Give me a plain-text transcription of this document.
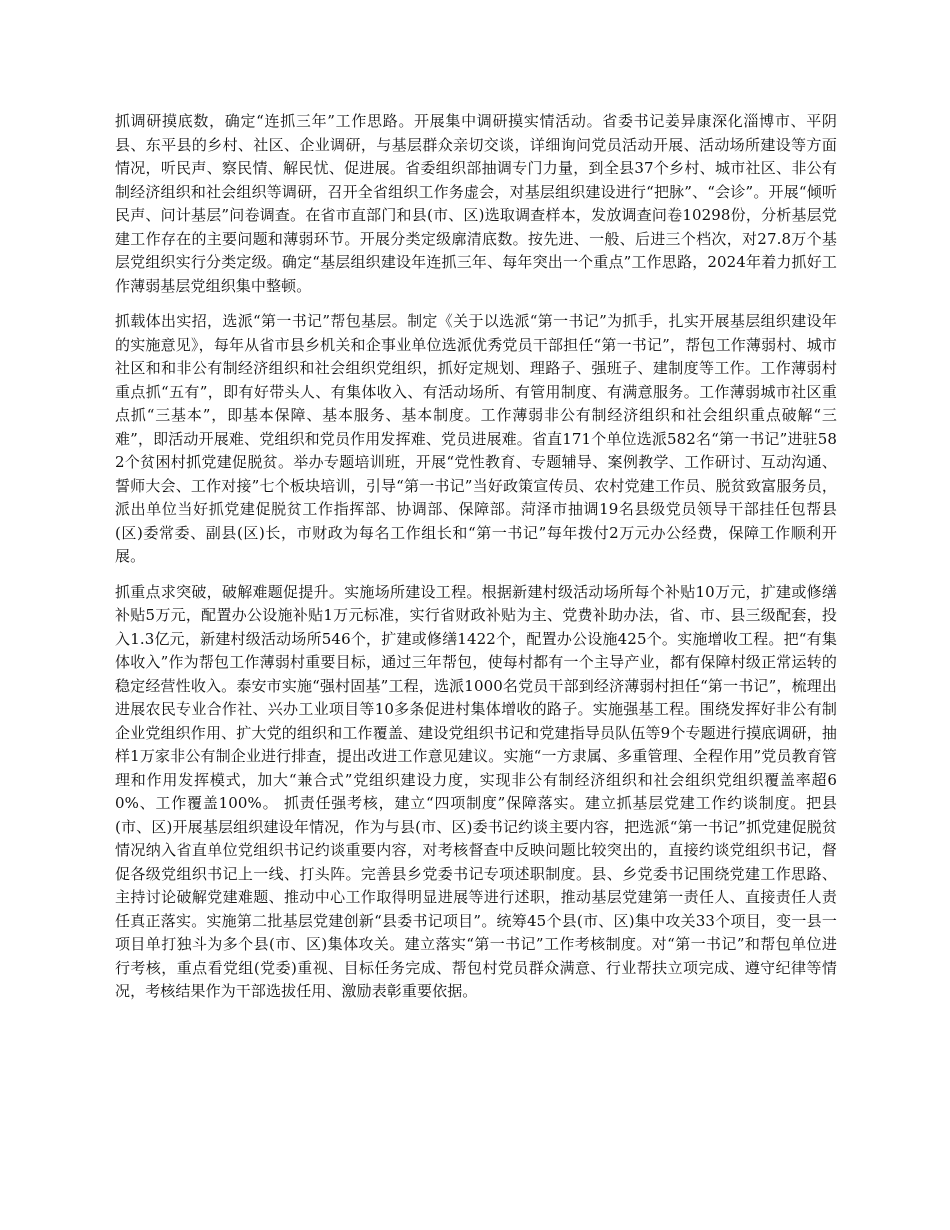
抓调研摸底数，确定“连抓三年”工作思路。开展集中调研摸实情活动。省委书记姜异康深化淄博市、平阴县、东平县的乡村、社区、企业调研，与基层群众亲切交谈，详细询问党员活动开展、活动场所建设等方面情况，听民声、察民情、解民忧、促进展。省委组织部抽调专门力量，到全县37个乡村、城市社区、非公有制经济组织和社会组织等调研，召开全省组织工作务虚会，对基层组织建设进行“把脉”、“会诊”。开展“倾听民声、问计基层”问卷调查。在省市直部门和县(市、区)选取调查样本，发放调查问卷10298份，分析基层党建工作存在的主要问题和薄弱环节。开展分类定级廓清底数。按先进、一般、后进三个档次，对27.8万个基层党组织实行分类定级。确定“基层组织建设年连抓三年、每年突出一个重点”工作思路，2024年着力抓好工作薄弱基层党组织集中整顿。

抓载体出实招，选派“第一书记”帮包基层。制定《关于以选派“第一书记”为抓手，扎实开展基层组织建设年的实施意见》，每年从省市县乡机关和企事业单位选派优秀党员干部担任“第一书记”，帮包工作薄弱村、城市社区和和非公有制经济组织和社会组织党组织，抓好定规划、理路子、强班子、建制度等工作。工作薄弱村重点抓“五有”，即有好带头人、有集体收入、有活动场所、有管用制度、有满意服务。工作薄弱城市社区重点抓“三基本”，即基本保障、基本服务、基本制度。工作薄弱非公有制经济组织和社会组织重点破解“三难”，即活动开展难、党组织和党员作用发挥难、党员进展难。省直171个单位选派582名“第一书记”进驻582个贫困村抓党建促脱贫。举办专题培训班，开展“党性教育、专题辅导、案例教学、工作研讨、互动沟通、誓师大会、工作对接”七个板块培训，引导“第一书记”当好政策宣传员、农村党建工作员、脱贫致富服务员，派出单位当好抓党建促脱贫工作指挥部、协调部、保障部。菏泽市抽调19名县级党员领导干部挂任包帮县(区)委常委、副县(区)长，市财政为每名工作组长和“第一书记”每年拨付2万元办公经费，保障工作顺利开展。

抓重点求突破，破解难题促提升。实施场所建设工程。根据新建村级活动场所每个补贴10万元，扩建或修缮补贴5万元，配置办公设施补贴1万元标准，实行省财政补贴为主、党费补助办法，省、市、县三级配套，投入1.3亿元，新建村级活动场所546个，扩建或修缮1422个，配置办公设施425个。实施增收工程。把“有集体收入”作为帮包工作薄弱村重要目标，通过三年帮包，使每村都有一个主导产业，都有保障村级正常运转的稳定经营性收入。泰安市实施“强村固基”工程，选派1000名党员干部到经济薄弱村担任“第一书记”，梳理出进展农民专业合作社、兴办工业项目等10多条促进村集体增收的路子。实施强基工程。围绕发挥好非公有制企业党组织作用、扩大党的组织和工作覆盖、建设党组织书记和党建指导员队伍等9个专题进行摸底调研，抽样1万家非公有制企业进行排查，提出改进工作意见建议。实施“一方隶属、多重管理、全程作用”党员教育管理和作用发挥模式，加大“兼合式”党组织建设力度，实现非公有制经济组织和社会组织党组织覆盖率超60%、工作覆盖100%。 抓责任强考核，建立“四项制度”保障落实。建立抓基层党建工作约谈制度。把县(市、区)开展基层组织建设年情况，作为与县(市、区)委书记约谈主要内容，把选派“第一书记”抓党建促脱贫情况纳入省直单位党组织书记约谈重要内容，对考核督查中反映问题比较突出的，直接约谈党组织书记，督促各级党组织书记上一线、打头阵。完善县乡党委书记专项述职制度。县、乡党委书记围绕党建工作思路、主持讨论破解党建难题、推动中心工作取得明显进展等进行述职，推动基层党建第一责任人、直接责任人责任真正落实。实施第二批基层党建创新“县委书记项目”。统筹45个县(市、区)集中攻关33个项目，变一县一项目单打独斗为多个县(市、区)集体攻关。建立落实“第一书记”工作考核制度。对“第一书记”和帮包单位进行考核，重点看党组(党委)重视、目标任务完成、帮包村党员群众满意、行业帮扶立项完成、遵守纪律等情况，考核结果作为干部选拔任用、激励表彰重要依据。
